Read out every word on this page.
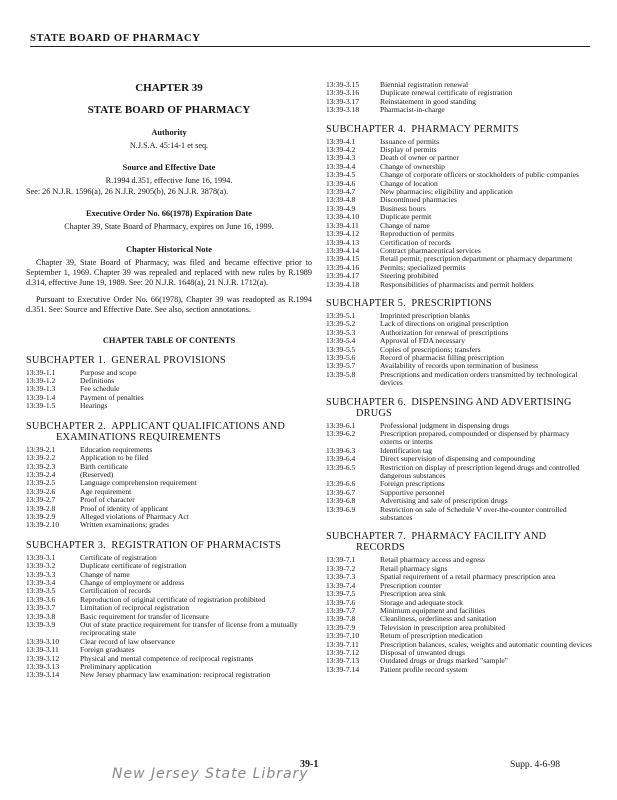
STATE BOARD OF PHARMACY
CHAPTER 39
STATE BOARD OF PHARMACY
Authority
N.J.S.A. 45:14-1 et seq.
Source and Effective Date
R.1994 d.351, effective June 16, 1994.
See: 26 N.J.R. 1596(a), 26 N.J.R. 2905(b), 26 N.J.R. 3878(a).
Executive Order No. 66(1978) Expiration Date
Chapter 39, State Board of Pharmacy, expires on June 16, 1999.
Chapter Historical Note
Chapter 39, State Board of Pharmacy, was filed and became effective prior to September 1, 1969. Chapter 39 was repealed and replaced with new rules by R.1989 d.314, effective June 19, 1989. See: 20 N.J.R. 1648(a), 21 N.J.R. 1712(a).
Pursuant to Executive Order No. 66(1978), Chapter 39 was readopted as R.1994 d.351. See: Source and Effective Date. See also, section annotations.
CHAPTER TABLE OF CONTENTS
SUBCHAPTER 1. GENERAL PROVISIONS
13:39-1.1	Purpose and scope
13:39-1.2	Definitions
13:39-1.3	Fee schedule
13:39-1.4	Payment of penalties
13:39-1.5	Hearings
SUBCHAPTER 2. APPLICANT QUALIFICATIONS AND
EXAMINATIONS REQUIREMENTS
13:39-2.1	Education requirements
13:39-2.2	Application to be filed
13:39-2.3	Birth certificate
13:39-2.4	(Reserved)
13:39-2.5	Language comprehension requirement
13:39-2.6	Age requirement
13:39-2.7	Proof of character
13:39-2.8	Proof of identity of applicant
13:39-2.9	Alleged violations of Pharmacy Act
13:39-2.10	Written examinations; grades
SUBCHAPTER 3. REGISTRATION OF PHARMACISTS
13:39-3.1	Certificate of registration
13:39-3.2	Duplicate certificate of registration
13:39-3.3	Change of name
13:39-3.4	Change of employment or address
13:39-3.5	Certification of records
13:39-3.6	Reproduction of original certificate of registration prohibited
13:39-3.7	Limitation of reciprocal registration
13:39-3.8	Basic requirement for transfer of licensure
13:39-3.9	Out of state practice requirement for transfer of license from a mutually reciprocating state
13:39-3.10	Clear record of law observance
13:39-3.11	Foreign graduates
13:39-3.12	Physical and mental competence of reciprocal registrants
13:39-3.13	Preliminary application
13:39-3.14	New Jersey pharmacy law examination: reciprocal registration
13:39-3.15	Biennial registration renewal
13:39-3.16	Duplicate renewal certificate of registration
13:39-3.17	Reinstatement in good standing
13:39-3.18	Pharmacist-in-charge
SUBCHAPTER 4. PHARMACY PERMITS
13:39-4.1	Issuance of permits
13:39-4.2	Display of permits
13:39-4.3	Death of owner or partner
13:39-4.4	Change of ownership
13:39-4.5	Change of corporate officers or stockholders of public companies
13:39-4.6	Change of location
13:39-4.7	New pharmacies; eligibility and application
13:39-4.8	Discontinued pharmacies
13:39-4.9	Business hours
13:39-4.10	Duplicate permit
13:39-4.11	Change of name
13:39-4.12	Reproduction of permits
13:39-4.13	Certification of records
13:39-4.14	Contract pharmaceutical services
13:39-4.15	Retail permit; prescription department or pharmacy department
13:39-4.16	Permits; specialized permits
13:39-4.17	Steering prohibited
13:39-4.18	Responsibilities of pharmacists and permit holders
SUBCHAPTER 5. PRESCRIPTIONS
13:39-5.1	Imprinted prescription blanks
13:39-5.2	Lack of directions on original prescription
13:39-5.3	Authorization for renewal of prescriptions
13:39-5.4	Approval of FDA necessary
13:39-5.5	Copies of prescriptions; transfers
13:39-5.6	Record of pharmacist filling prescription
13:39-5.7	Availability of records upon termination of business
13:39-5.8	Prescriptions and medication orders transmitted by technological devices
SUBCHAPTER 6. DISPENSING AND ADVERTISING
DRUGS
13:39-6.1	Professional judgment in dispensing drugs
13:39-6.2	Prescription prepared, compounded or dispensed by pharmacy externs or interns
13:39-6.3	Identification tag
13:39-6.4	Direct supervision of dispensing and compounding
13:39-6.5	Restriction on display of prescription legend drugs and controlled dangerous substances
13:39-6.6	Foreign prescriptions
13:39-6.7	Supportive personnel
13:39-6.8	Advertising and sale of prescription drugs
13:39-6.9	Restriction on sale of Schedule V over-the-counter controlled substances
SUBCHAPTER 7. PHARMACY FACILITY AND
RECORDS
13:39-7.1	Retail pharmacy access and egress
13:39-7.2	Retail pharmacy signs
13:39-7.3	Spatial requirement of a retail pharmacy prescription area
13:39-7.4	Prescription counter
13:39-7.5	Prescription area sink
13:39-7.6	Storage and adequate stock
13:39-7.7	Minimum equipment and facilities
13:39-7.8	Cleanliness, orderliness and sanitation
13:39-7.9	Television in prescription area prohibited
13:39-7.10	Return of prescription medication
13:39-7.11	Prescription balances, scales, weights and automatic counting devices
13:39-7.12	Disposal of unwanted drugs
13:39-7.13	Outdated drugs or drugs marked "sample"
13:39-7.14	Patient profile record system
New Jersey State Library
39-1	Supp. 4-6-98
